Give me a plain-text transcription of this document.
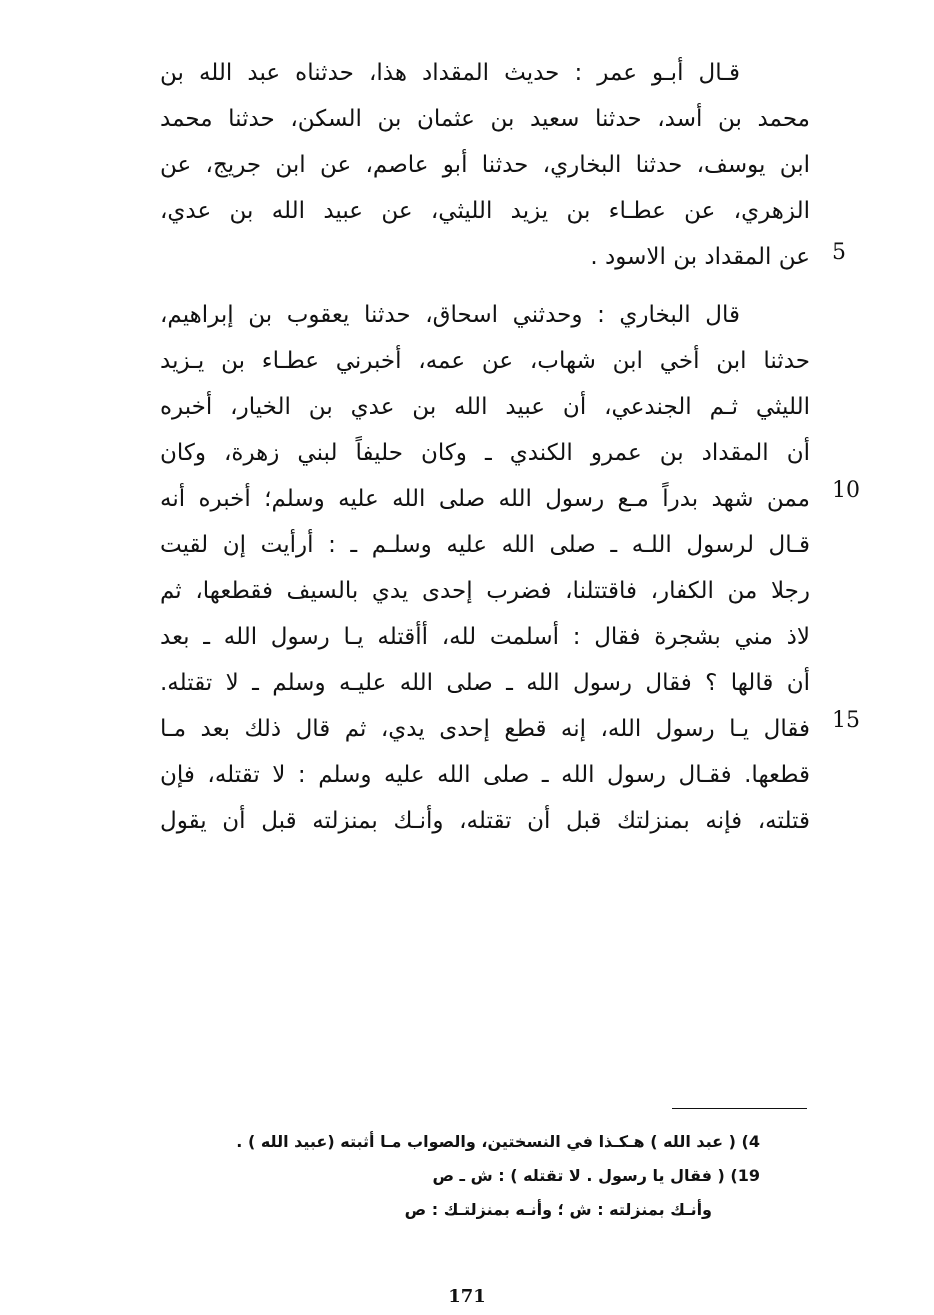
قـال أبـو عمر : حديث المقداد هذا، حدثناه عبد الله بن
محمد بن أسد، حدثنا سعيد بن عثمان بن السكن، حدثنا محمد
ابن يوسف، حدثنا البخاري، حدثنا أبو عاصم، عن ابن جريج، عن
الزهري، عن عطـاء بن يزيد الليثي، عن عبيد الله بن عدي،
عن المقداد بن الاسود .
قال البخاري : وحدثني اسحاق، حدثنا يعقوب بن إبراهيم،
حدثنا ابن أخي ابن شهاب، عن عمه، أخبرني عطـاء بن يـزيد
الليثي ثـم الجندعي، أن عبيد الله بن عدي بن الخيار، أخبره
أن المقداد بن عمرو الكندي ـ وكان حليفاً لبني زهرة، وكان
ممن شهد بدراً مـع رسول الله صلى الله عليه وسلم؛ أخبره أنه
قـال لرسول اللـه ـ صلى الله عليه وسلـم ـ : أرأيت إن لقيت
رجلا من الكفار، فاقتتلنا، فضرب إحدى يدي بالسيف فقطعها، ثم
لاذ مني بشجرة فقال : أسلمت لله، أأقتله يـا رسول الله ـ بعد
أن قالها ؟ فقال رسول الله ـ صلى الله عليـه وسلم ـ لا تقتله.
فقال يـا رسول الله، إنه قطع إحدى يدي، ثم قال ذلك بعد مـا
قطعها. فقـال رسول الله ـ صلى الله عليه وسلم : لا تقتله، فإن
قتلته، فإنه بمنزلتك قبل أن تقتله، وأنـك بمنزلته قبل أن يقول
5
10
15
4) ( عبد الله ) هـكـذا في النسختين، والصواب مـا أثبته (عبيد الله ) .
19) ( فقال يا رسول . لا تقتله ) : ش ـ ص
وأنـك بمنزلته : ش ؛ وأنـه بمنزلتـك : ص
171
